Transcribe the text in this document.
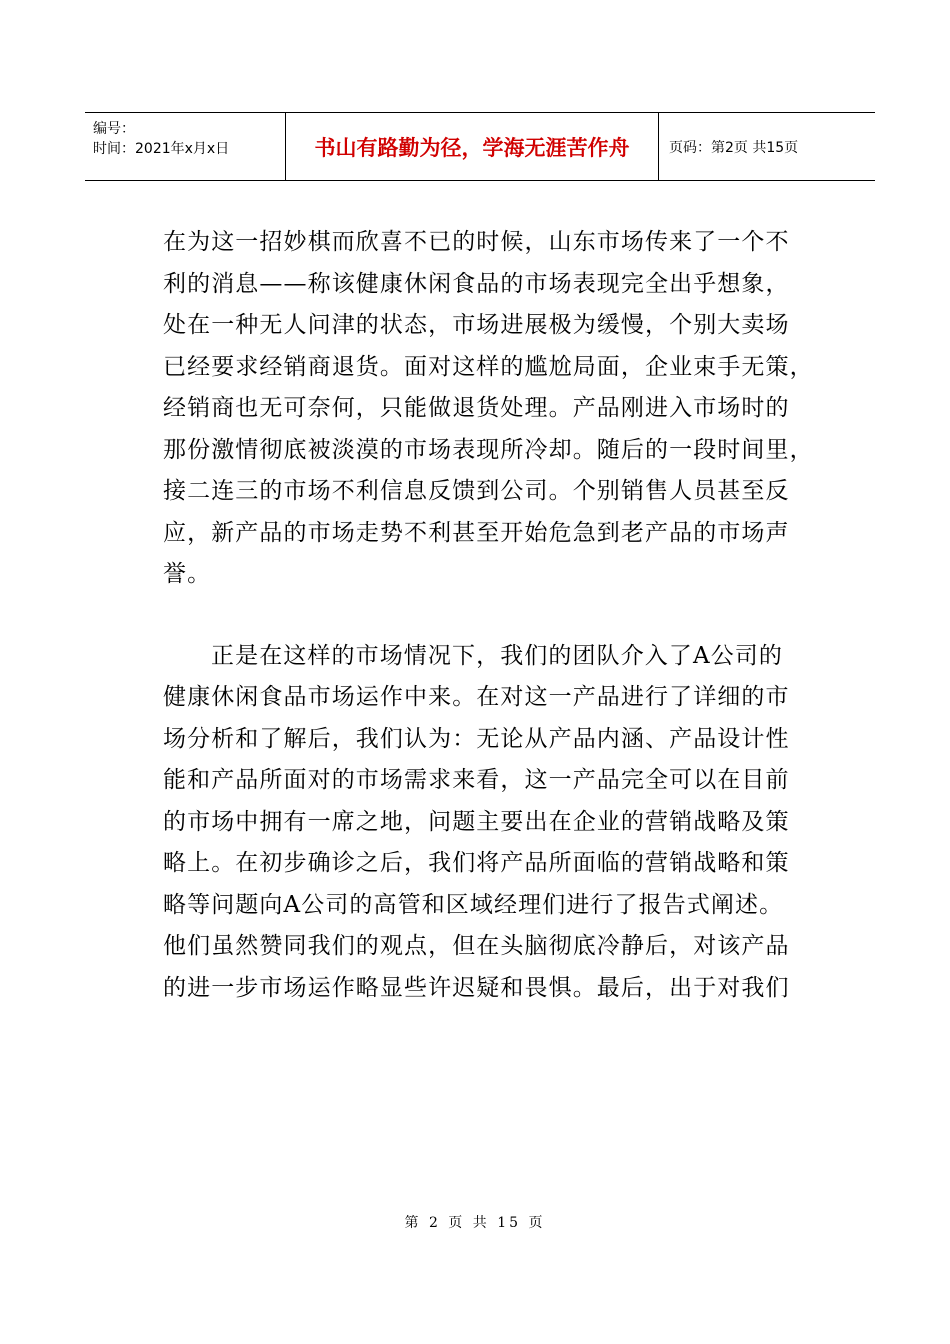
编号：
时间：2021年x月x日	书山有路勤为径，学海无涯苦作舟	页码：第2页 共15页
在为这一招妙棋而欣喜不已的时候，山东市场传来了一个不
利的消息——称该健康休闲食品的市场表现完全出乎想象，
处在一种无人问津的状态，市场进展极为缓慢，个别大卖场
已经要求经销商退货。面对这样的尴尬局面，企业束手无策，
经销商也无可奈何，只能做退货处理。产品刚进入市场时的
那份激情彻底被淡漠的市场表现所冷却。随后的一段时间里，
接二连三的市场不利信息反馈到公司。个别销售人员甚至反
应，新产品的市场走势不利甚至开始危急到老产品的市场声
誉。
正是在这样的市场情况下，我们的团队介入了A公司的
健康休闲食品市场运作中来。在对这一产品进行了详细的市
场分析和了解后，我们认为：无论从产品内涵、产品设计性
能和产品所面对的市场需求来看，这一产品完全可以在目前
的市场中拥有一席之地，问题主要出在企业的营销战略及策
略上。在初步确诊之后，我们将产品所面临的营销战略和策
略等问题向A公司的高管和区域经理们进行了报告式阐述。
他们虽然赞同我们的观点，但在头脑彻底冷静后，对该产品
的进一步市场运作略显些许迟疑和畏惧。最后，出于对我们
第 2 页 共 15 页
